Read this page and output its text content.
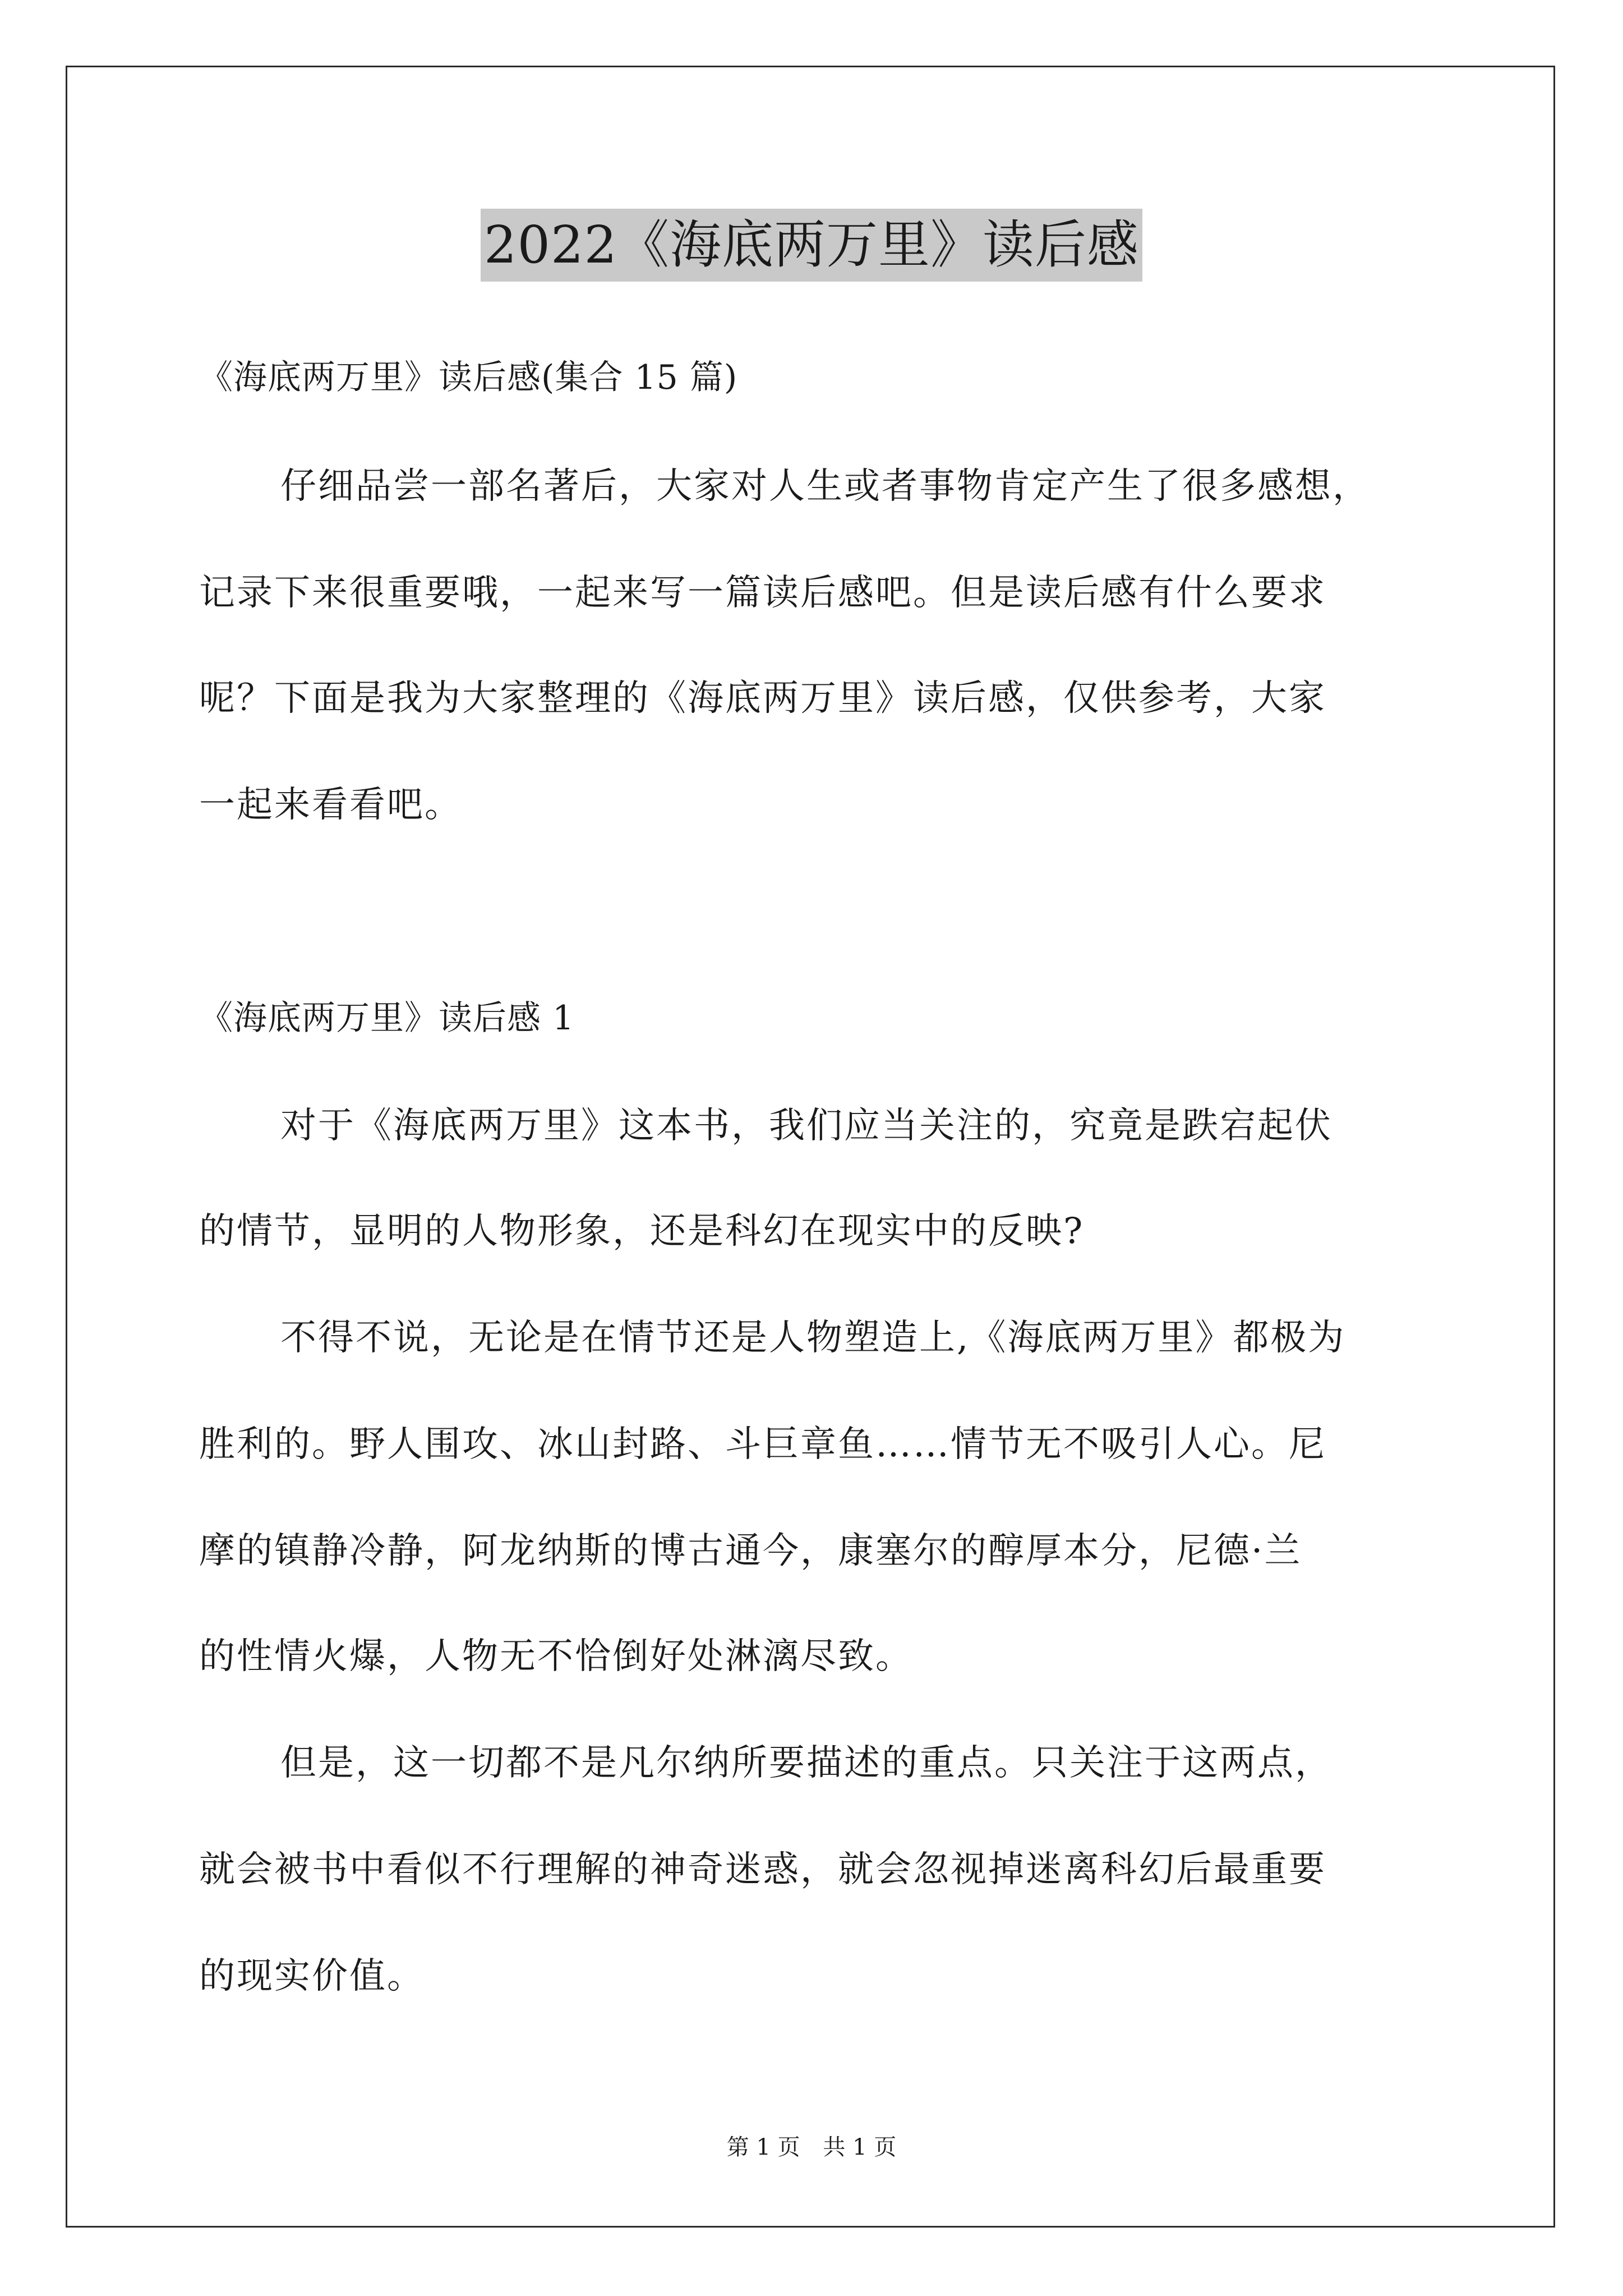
2022《海底两万里》读后感
《海底两万里》读后感(集合 15 篇)
仔细品尝一部名著后，大家对人生或者事物肯定产生了很多感想，
记录下来很重要哦，一起来写一篇读后感吧。但是读后感有什么要求
呢？下面是我为大家整理的《海底两万里》读后感，仅供参考，大家
一起来看看吧。
《海底两万里》读后感 1
对于《海底两万里》这本书，我们应当关注的，究竟是跌宕起伏
的情节，显明的人物形象，还是科幻在现实中的反映?
不得不说，无论是在情节还是人物塑造上,《海底两万里》都极为
胜利的。野人围攻、冰山封路、斗巨章鱼……情节无不吸引人心。尼
摩的镇静冷静，阿龙纳斯的博古通今，康塞尔的醇厚本分，尼德·兰
的性情火爆，人物无不恰倒好处淋漓尽致。
但是，这一切都不是凡尔纳所要描述的重点。只关注于这两点，
就会被书中看似不行理解的神奇迷惑，就会忽视掉迷离科幻后最重要
的现实价值。
第 1 页 共 1 页
